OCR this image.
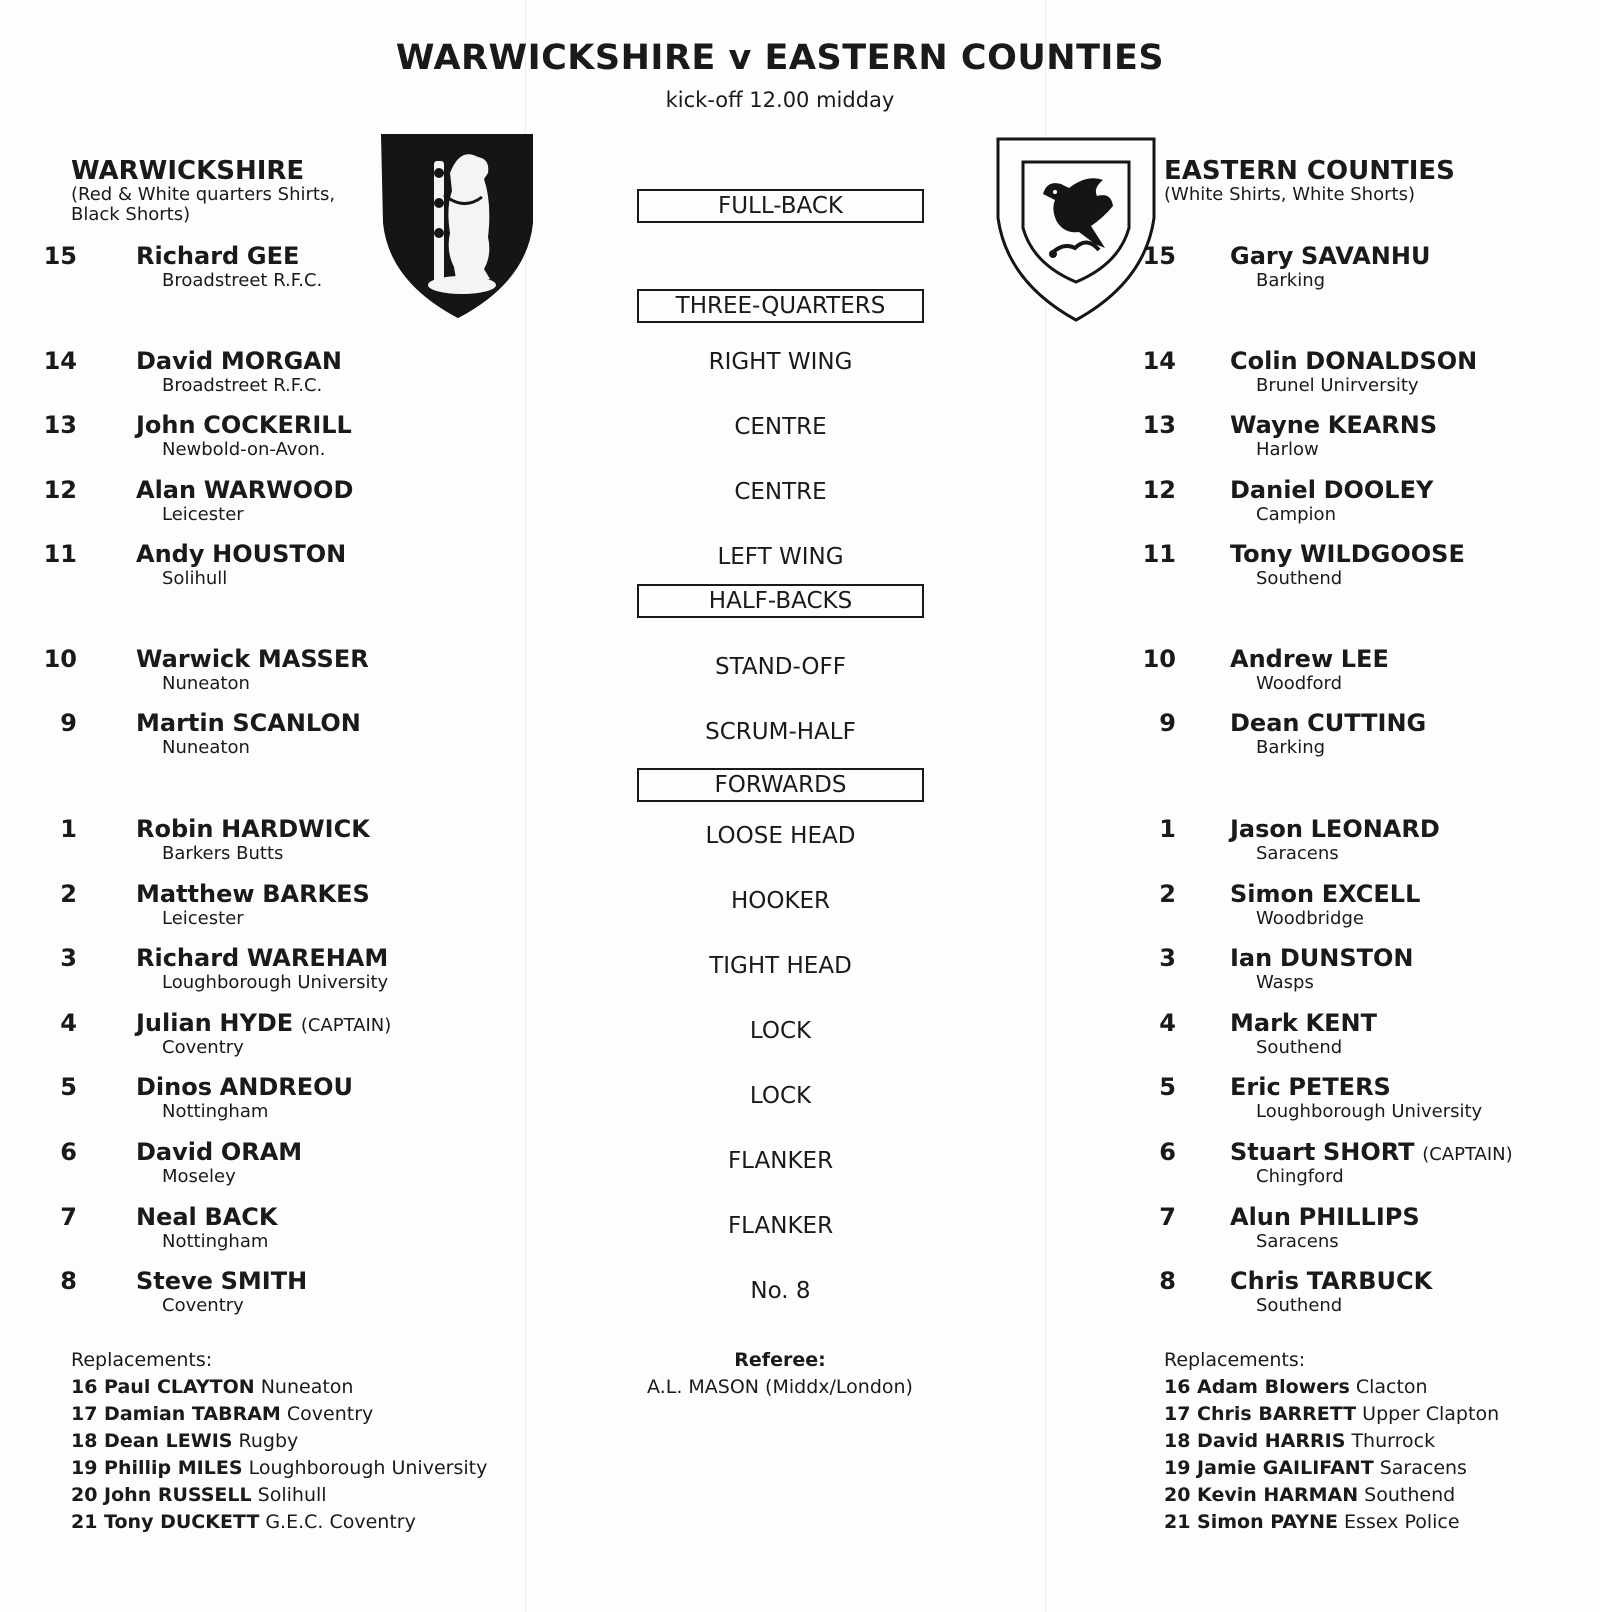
WARWICKSHIRE v EASTERN COUNTIES
kick-off 12.00 midday
WARWICKSHIRE
(Red & White quarters Shirts,
Black Shorts)
EASTERN COUNTIES
(White Shirts, White Shorts)
FULL-BACK
THREE-QUARTERS
RIGHT WING
CENTRE
CENTRE
LEFT WING
HALF-BACKS
STAND-OFF
SCRUM-HALF
FORWARDS
LOOSE HEAD
HOOKER
TIGHT HEAD
LOCK
LOCK
FLANKER
FLANKER
No. 8
15 Richard GEE
Broadstreet R.F.C.
14 David MORGAN
Broadstreet R.F.C.
13 John COCKERILL
Newbold-on-Avon.
12 Alan WARWOOD
Leicester
11 Andy HOUSTON
Solihull
10 Warwick MASSER
Nuneaton
9 Martin SCANLON
Nuneaton
1 Robin HARDWICK
Barkers Butts
2 Matthew BARKES
Leicester
3 Richard WAREHAM
Loughborough University
4 Julian HYDE (CAPTAIN)
Coventry
5 Dinos ANDREOU
Nottingham
6 David ORAM
Moseley
7 Neal BACK
Nottingham
8 Steve SMITH
Coventry
15 Gary SAVANHU
Barking
14 Colin DONALDSON
Brunel Unirversity
13 Wayne KEARNS
Harlow
12 Daniel DOOLEY
Campion
11 Tony WILDGOOSE
Southend
10 Andrew LEE
Woodford
9 Dean CUTTING
Barking
1 Jason LEONARD
Saracens
2 Simon EXCELL
Woodbridge
3 Ian DUNSTON
Wasps
4 Mark KENT
Southend
5 Eric PETERS
Loughborough University
6 Stuart SHORT (CAPTAIN)
Chingford
7 Alun PHILLIPS
Saracens
8 Chris TARBUCK
Southend
Replacements:
16 Paul CLAYTON Nuneaton
17 Damian TABRAM Coventry
18 Dean LEWIS Rugby
19 Phillip MILES Loughborough University
20 John RUSSELL Solihull
21 Tony DUCKETT G.E.C. Coventry
Replacements:
16 Adam Blowers Clacton
17 Chris BARRETT Upper Clapton
18 David HARRIS Thurrock
19 Jamie GAILIFANT Saracens
20 Kevin HARMAN Southend
21 Simon PAYNE Essex Police
Referee:
A.L. MASON (Middx/London)
